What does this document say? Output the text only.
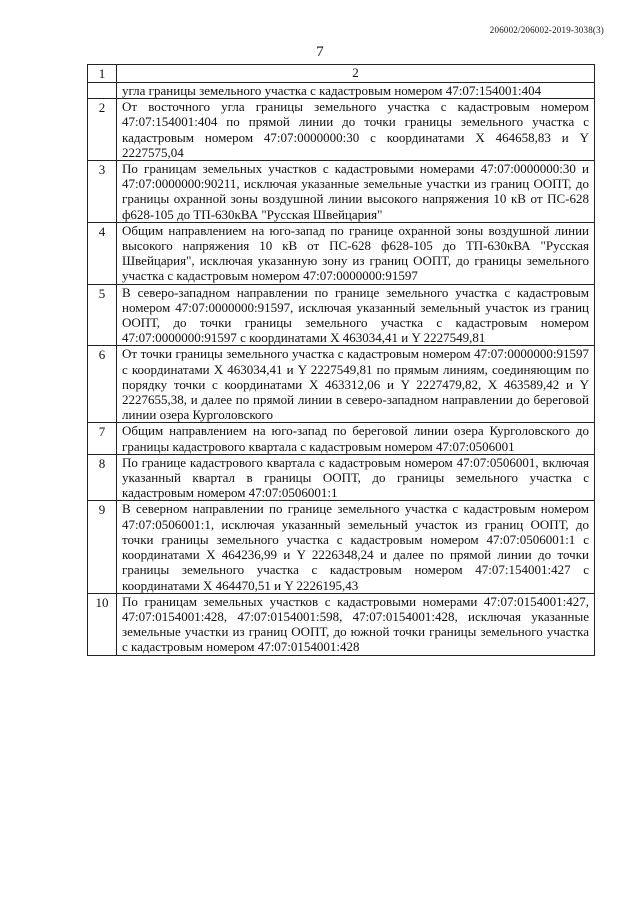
206002/206002-2019-3038(3)
7
1	2
	угла границы земельного участка с кадастровым номером 47:07:154001:404
2	От восточного угла границы земельного участка с кадастровым номером 47:07:154001:404 по прямой линии до точки границы земельного участка с кадастровым номером 47:07:0000000:30 с координатами X 464658,83 и Y 2227575,04
3	По границам земельных участков с кадастровыми номерами 47:07:0000000:30 и 47:07:0000000:90211, исключая указанные земельные участки из границ ООПТ, до границы охранной зоны воздушной линии высокого напряжения 10 кВ от ПС-628 ф628-105 до ТП-630кВА "Русская Швейцария"
4	Общим направлением на юго-запад по границе охранной зоны воздушной линии высокого напряжения 10 кВ от ПС-628 ф628-105 до ТП-630кВА "Русская Швейцария", исключая указанную зону из границ ООПТ, до границы земельного участка с кадастровым номером 47:07:0000000:91597
5	В северо-западном направлении по границе земельного участка с кадастровым номером 47:07:0000000:91597, исключая указанный земельный участок из границ ООПТ, до точки границы земельного участка с кадастровым номером 47:07:0000000:91597 с координатами X 463034,41 и Y 2227549,81
6	От точки границы земельного участка с кадастровым номером 47:07:0000000:91597 с координатами X 463034,41 и Y 2227549,81 по прямым линиям, соединяющим по порядку точки с координатами X 463312,06 и Y 2227479,82, X 463589,42 и Y 2227655,38, и далее по прямой линии в северо-западном направлении до береговой линии озера Курголовского
7	Общим направлением на юго-запад по береговой линии озера Курголовского до границы кадастрового квартала с кадастровым номером 47:07:0506001
8	По границе кадастрового квартала с кадастровым номером 47:07:0506001, включая указанный квартал в границы ООПТ, до границы земельного участка с кадастровым номером 47:07:0506001:1
9	В северном направлении по границе земельного участка с кадастровым номером 47:07:0506001:1, исключая указанный земельный участок из границ ООПТ, до точки границы земельного участка с кадастровым номером 47:07:0506001:1 с координатами X 464236,99 и Y 2226348,24 и далее по прямой линии до точки границы земельного участка с кадастровым номером 47:07:154001:427 с координатами X 464470,51 и Y 2226195,43
10	По границам земельных участков с кадастровыми номерами 47:07:0154001:427, 47:07:0154001:428, 47:07:0154001:598, 47:07:0154001:428, исключая указанные земельные участки из границ ООПТ, до южной точки границы земельного участка с кадастровым номером 47:07:0154001:428
